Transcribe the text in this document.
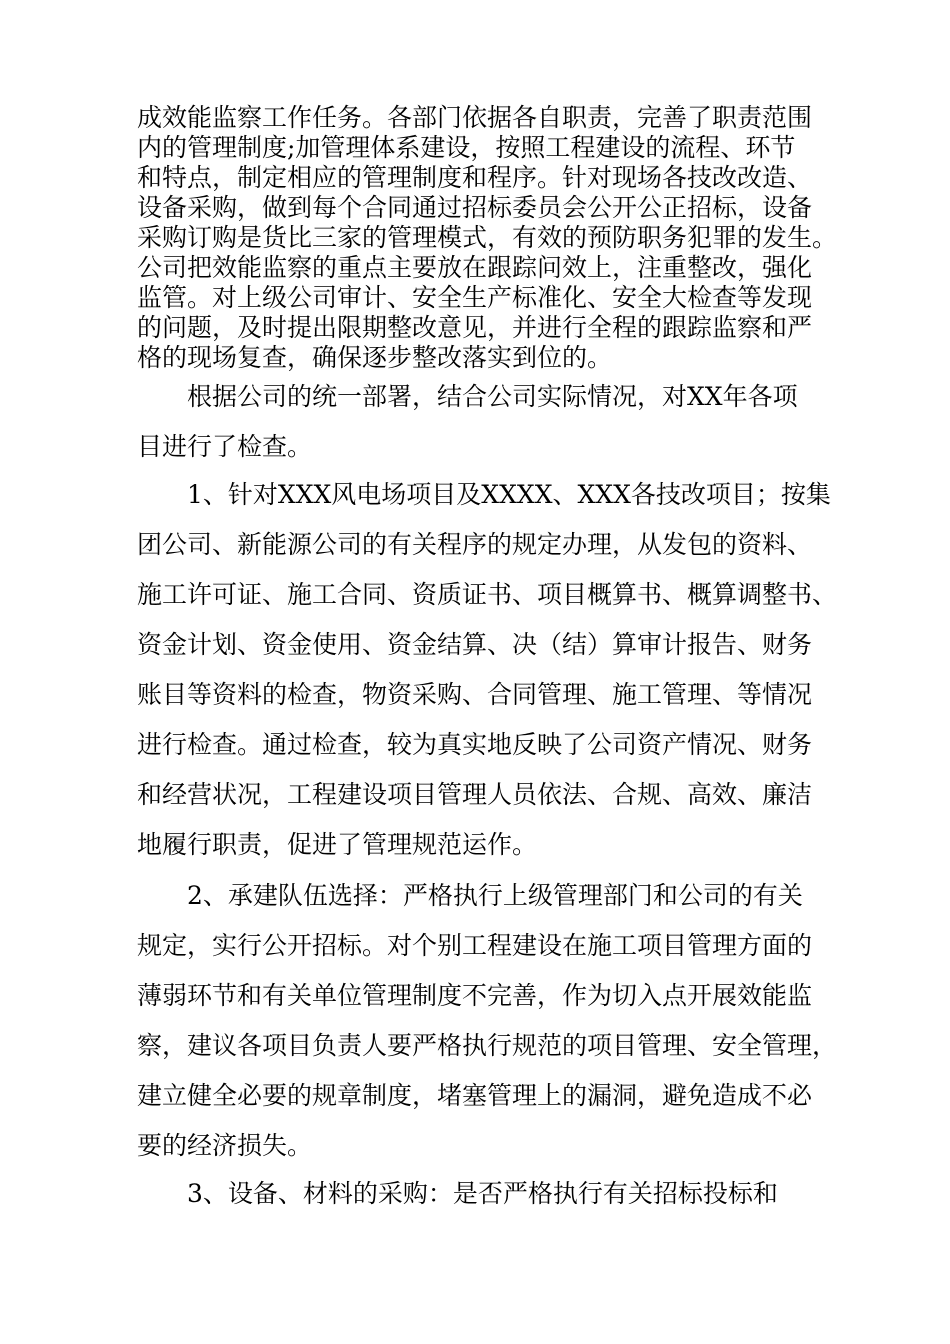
成效能监察工作任务。各部门依据各自职责，完善了职责范围
内的管理制度;加管理体系建设，按照工程建设的流程、环节
和特点，制定相应的管理制度和程序。针对现场各技改改造、
设备采购，做到每个合同通过招标委员会公开公正招标，设备
采购订购是货比三家的管理模式，有效的预防职务犯罪的发生。
公司把效能监察的重点主要放在跟踪问效上，注重整改，强化
监管。对上级公司审计、安全生产标准化、安全大检查等发现
的问题，及时提出限期整改意见，并进行全程的跟踪监察和严
格的现场复查，确保逐步整改落实到位的。
根据公司的统一部署，结合公司实际情况，对XX年各项
目进行了检查。
1、针对XXX风电场项目及XXXX、XXX各技改项目；按集
团公司、新能源公司的有关程序的规定办理，从发包的资料、
施工许可证、施工合同、资质证书、项目概算书、概算调整书、
资金计划、资金使用、资金结算、决（结）算审计报告、财务
账目等资料的检查，物资采购、合同管理、施工管理、等情况
进行检查。通过检查，较为真实地反映了公司资产情况、财务
和经营状况，工程建设项目管理人员依法、合规、高效、廉洁
地履行职责，促进了管理规范运作。
2、承建队伍选择：严格执行上级管理部门和公司的有关
规定，实行公开招标。对个别工程建设在施工项目管理方面的
薄弱环节和有关单位管理制度不完善，作为切入点开展效能监
察，建议各项目负责人要严格执行规范的项目管理、安全管理，
建立健全必要的规章制度，堵塞管理上的漏洞，避免造成不必
要的经济损失。
3、设备、材料的采购：是否严格执行有关招标投标和
